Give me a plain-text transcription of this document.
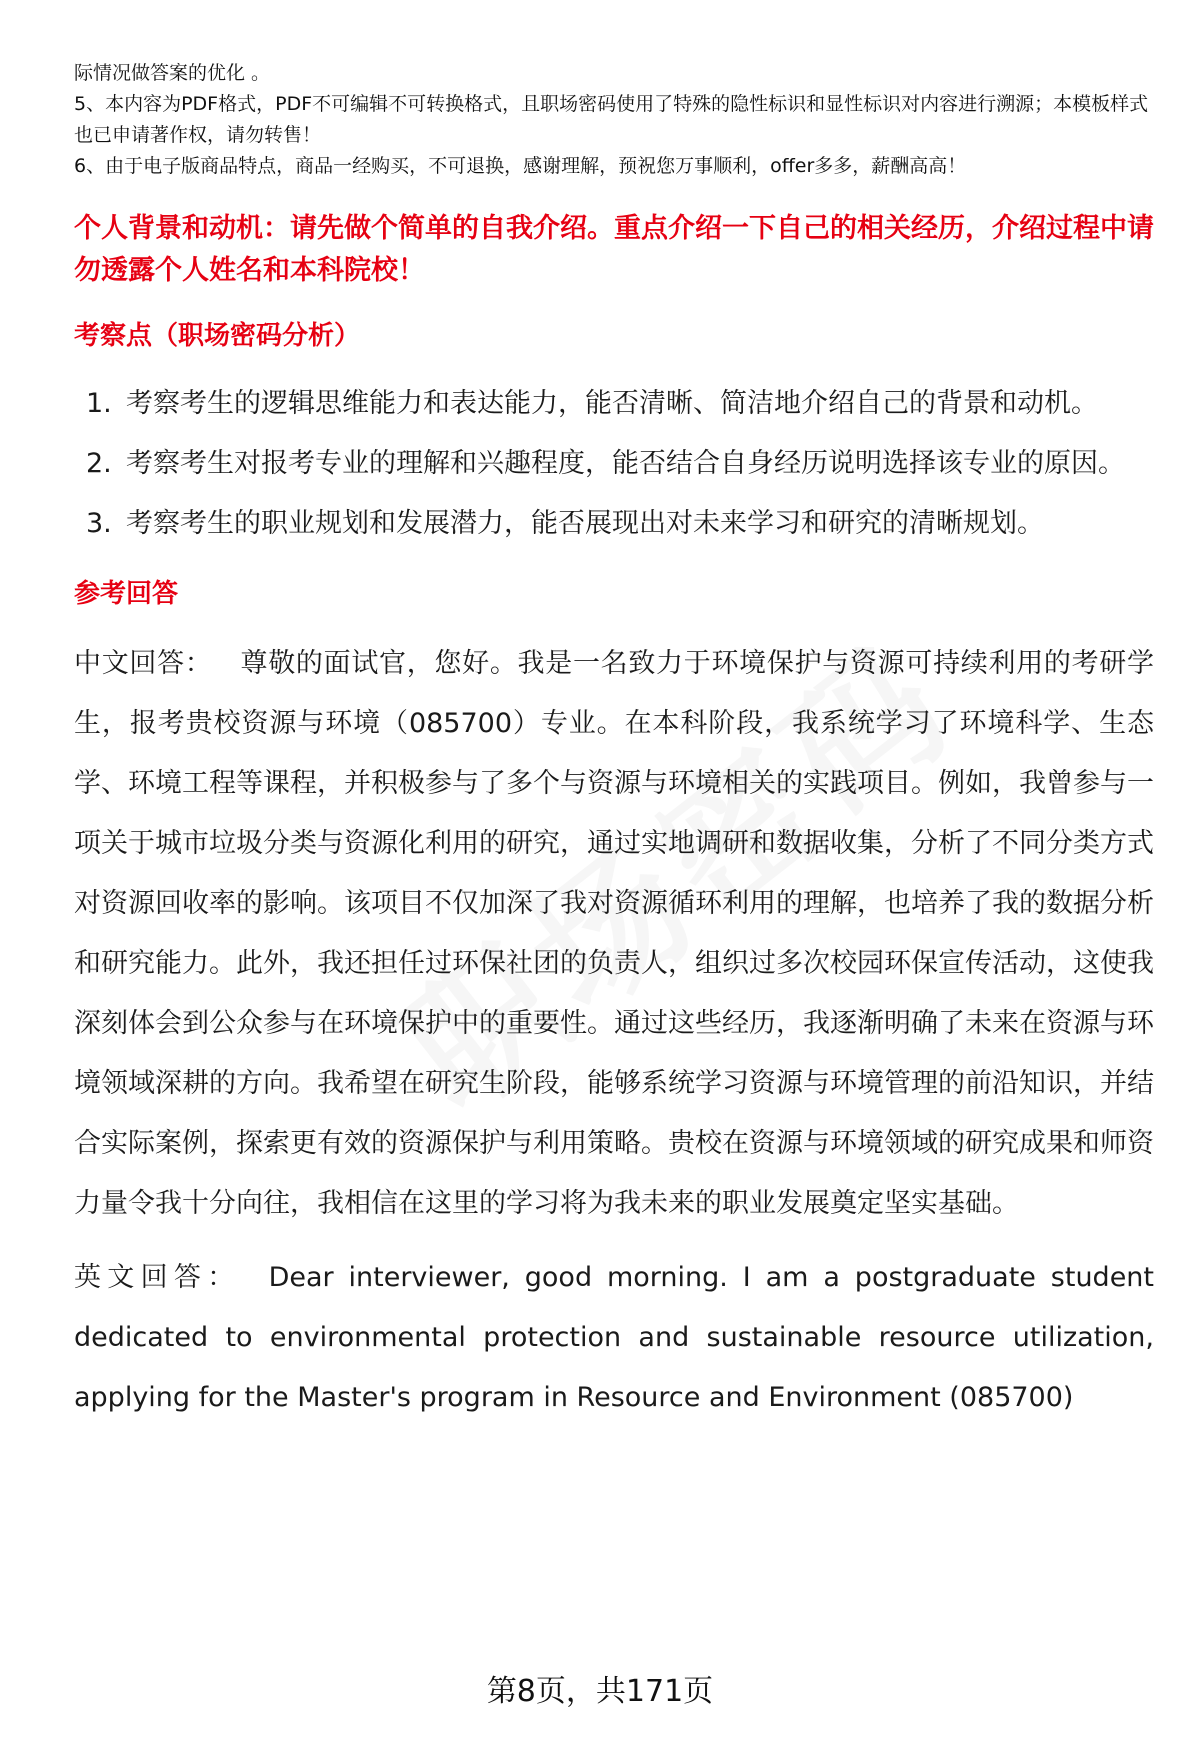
际情况做答案的优化 。

5、本内容为PDF格式，PDF不可编辑不可转换格式，且职场密码使用了特殊的隐性标识和显性标识对内容进行溯源；本模板样式也已申请著作权，请勿转售！

6、由于电子版商品特点，商品一经购买，不可退换，感谢理解，预祝您万事顺利，offer多多，薪酬高高！

个人背景和动机：请先做个简单的自我介绍。重点介绍一下自己的相关经历，介绍过程中请勿透露个人姓名和本科院校！

考察点（职场密码分析）

1. 考察考生的逻辑思维能力和表达能力，能否清晰、简洁地介绍自己的背景和动机。
2. 考察考生对报考专业的理解和兴趣程度，能否结合自身经历说明选择该专业的原因。
3. 考察考生的职业规划和发展潜力，能否展现出对未来学习和研究的清晰规划。

参考回答

中文回答： 尊敬的面试官，您好。我是一名致力于环境保护与资源可持续利用的考研学生，报考贵校资源与环境（085700）专业。在本科阶段，我系统学习了环境科学、生态学、环境工程等课程，并积极参与了多个与资源与环境相关的实践项目。例如，我曾参与一项关于城市垃圾分类与资源化利用的研究，通过实地调研和数据收集，分析了不同分类方式对资源回收率的影响。该项目不仅加深了我对资源循环利用的理解，也培养了我的数据分析和研究能力。此外，我还担任过环保社团的负责人，组织过多次校园环保宣传活动，这使我深刻体会到公众参与在环境保护中的重要性。通过这些经历，我逐渐明确了未来在资源与环境领域深耕的方向。我希望在研究生阶段，能够系统学习资源与环境管理的前沿知识，并结合实际案例，探索更有效的资源保护与利用策略。贵校在资源与环境领域的研究成果和师资力量令我十分向往，我相信在这里的学习将为我未来的职业发展奠定坚实基础。

英文回答： Dear interviewer, good morning. I am a postgraduate student dedicated to environmental protection and sustainable resource utilization, applying for the Master's program in Resource and Environment (085700)

第8页，共171页
